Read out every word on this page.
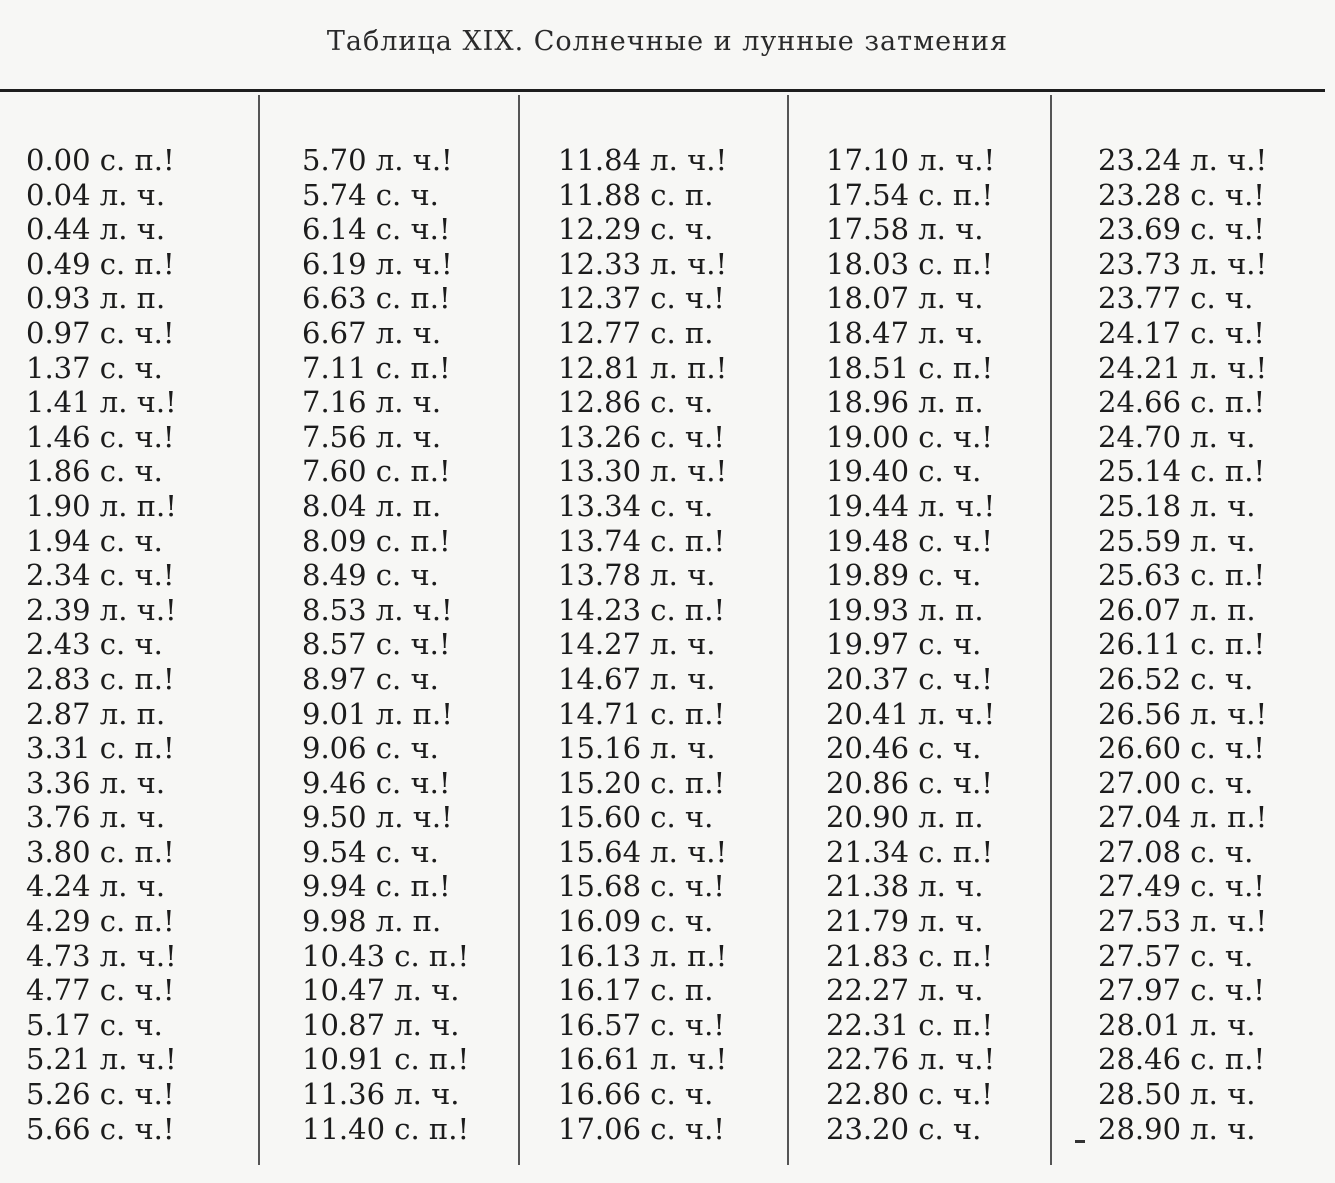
Таблица XIX. Солнечные и лунные затмения
0.00 с. п.!
0.04 л. ч.
0.44 л. ч.
0.49 с. п.!
0.93 л. п.
0.97 с. ч.!
1.37 с. ч.
1.41 л. ч.!
1.46 с. ч.!
1.86 с. ч.
1.90 л. п.!
1.94 с. ч.
2.34 с. ч.!
2.39 л. ч.!
2.43 с. ч.
2.83 с. п.!
2.87 л. п.
3.31 с. п.!
3.36 л. ч.
3.76 л. ч.
3.80 с. п.!
4.24 л. ч.
4.29 с. п.!
4.73 л. ч.!
4.77 с. ч.!
5.17 с. ч.
5.21 л. ч.!
5.26 с. ч.!
5.66 с. ч.!
5.70 л. ч.!
5.74 с. ч.
6.14 с. ч.!
6.19 л. ч.!
6.63 с. п.!
6.67 л. ч.
7.11 с. п.!
7.16 л. ч.
7.56 л. ч.
7.60 с. п.!
8.04 л. п.
8.09 с. п.!
8.49 с. ч.
8.53 л. ч.!
8.57 с. ч.!
8.97 с. ч.
9.01 л. п.!
9.06 с. ч.
9.46 с. ч.!
9.50 л. ч.!
9.54 с. ч.
9.94 с. п.!
9.98 л. п.
10.43 с. п.!
10.47 л. ч.
10.87 л. ч.
10.91 с. п.!
11.36 л. ч.
11.40 с. п.!
11.84 л. ч.!
11.88 с. п.
12.29 с. ч.
12.33 л. ч.!
12.37 с. ч.!
12.77 с. п.
12.81 л. п.!
12.86 с. ч.
13.26 с. ч.!
13.30 л. ч.!
13.34 с. ч.
13.74 с. п.!
13.78 л. ч.
14.23 с. п.!
14.27 л. ч.
14.67 л. ч.
14.71 с. п.!
15.16 л. ч.
15.20 с. п.!
15.60 с. ч.
15.64 л. ч.!
15.68 с. ч.!
16.09 с. ч.
16.13 л. п.!
16.17 с. п.
16.57 с. ч.!
16.61 л. ч.!
16.66 с. ч.
17.06 с. ч.!
17.10 л. ч.!
17.54 с. п.!
17.58 л. ч.
18.03 с. п.!
18.07 л. ч.
18.47 л. ч.
18.51 с. п.!
18.96 л. п.
19.00 с. ч.!
19.40 с. ч.
19.44 л. ч.!
19.48 с. ч.!
19.89 с. ч.
19.93 л. п.
19.97 с. ч.
20.37 с. ч.!
20.41 л. ч.!
20.46 с. ч.
20.86 с. ч.!
20.90 л. п.
21.34 с. п.!
21.38 л. ч.
21.79 л. ч.
21.83 с. п.!
22.27 л. ч.
22.31 с. п.!
22.76 л. ч.!
22.80 с. ч.!
23.20 с. ч.
23.24 л. ч.!
23.28 с. ч.!
23.69 с. ч.!
23.73 л. ч.!
23.77 с. ч.
24.17 с. ч.!
24.21 л. ч.!
24.66 с. п.!
24.70 л. ч.
25.14 с. п.!
25.18 л. ч.
25.59 л. ч.
25.63 с. п.!
26.07 л. п.
26.11 с. п.!
26.52 с. ч.
26.56 л. ч.!
26.60 с. ч.!
27.00 с. ч.
27.04 л. п.!
27.08 с. ч.
27.49 с. ч.!
27.53 л. ч.!
27.57 с. ч.
27.97 с. ч.!
28.01 л. ч.
28.46 с. п.!
28.50 л. ч.
28.90 л. ч.
